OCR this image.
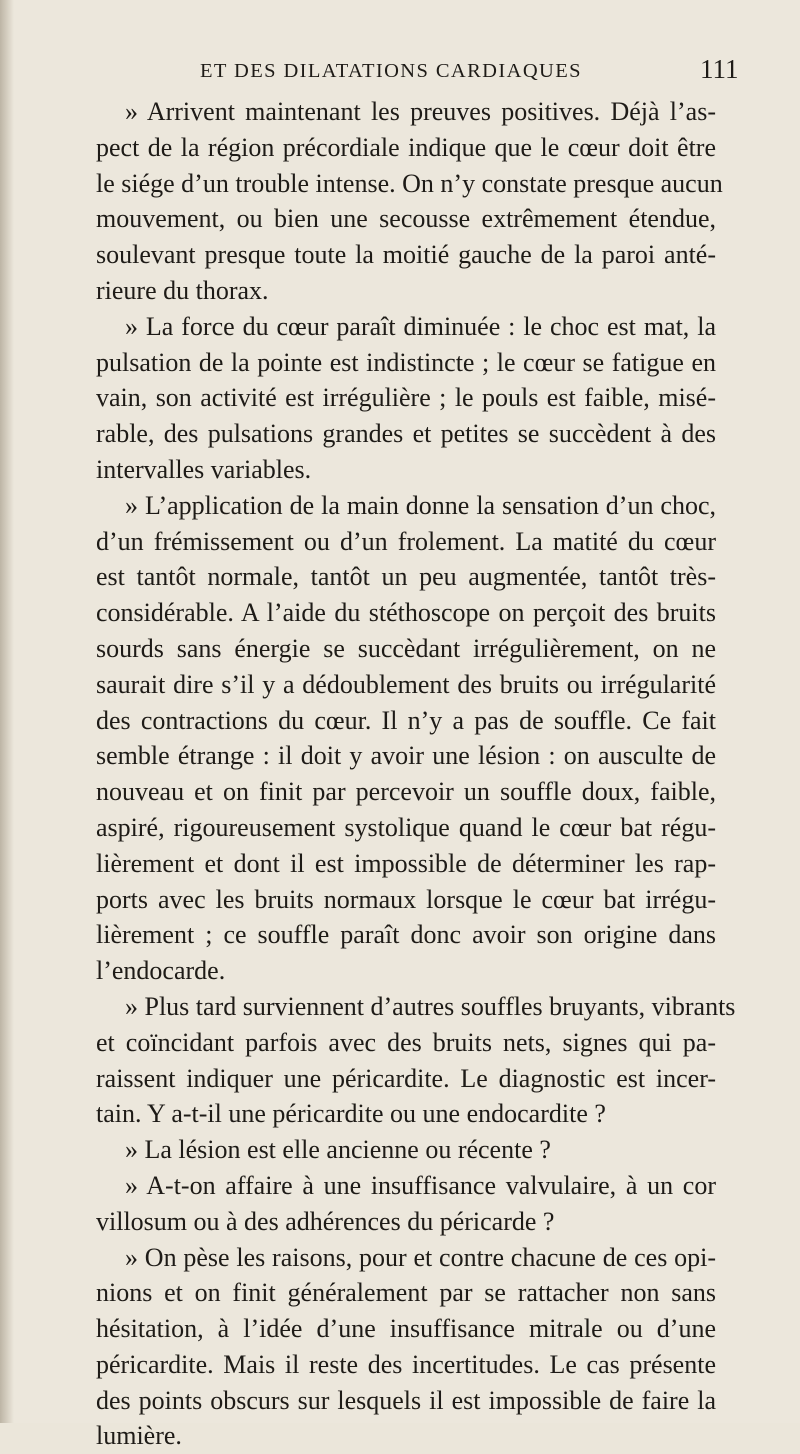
ET DES DILATATIONS CARDIAQUES	111
» Arrivent maintenant les preuves positives. Déjà l’as-
pect de la région précordiale indique que le cœur doit être
le siége d’un trouble intense. On n’y constate presque aucun
mouvement, ou bien une secousse extrêmement étendue,
soulevant presque toute la moitié gauche de la paroi anté-
rieure du thorax.
» La force du cœur paraît diminuée : le choc est mat, la
pulsation de la pointe est indistincte ; le cœur se fatigue en
vain, son activité est irrégulière ; le pouls est faible, misé-
rable, des pulsations grandes et petites se succèdent à des
intervalles variables.
» L’application de la main donne la sensation d’un choc,
d’un frémissement ou d’un frolement. La matité du cœur
est tantôt normale, tantôt un peu augmentée, tantôt très-
considérable. A l’aide du stéthoscope on perçoit des bruits
sourds sans énergie se succèdant irrégulièrement, on ne
saurait dire s’il y a dédoublement des bruits ou irrégularité
des contractions du cœur. Il n’y a pas de souffle. Ce fait
semble étrange : il doit y avoir une lésion : on ausculte de
nouveau et on finit par percevoir un souffle doux, faible,
aspiré, rigoureusement systolique quand le cœur bat régu-
lièrement et dont il est impossible de déterminer les rap-
ports avec les bruits normaux lorsque le cœur bat irrégu-
lièrement ; ce souffle paraît donc avoir son origine dans
l’endocarde.
» Plus tard surviennent d’autres souffles bruyants, vibrants
et coïncidant parfois avec des bruits nets, signes qui pa-
raissent indiquer une péricardite. Le diagnostic est incer-
tain. Y a-t-il une péricardite ou une endocardite ?
» La lésion est elle ancienne ou récente ?
» A-t-on affaire à une insuffisance valvulaire, à un cor
villosum ou à des adhérences du péricarde ?
» On pèse les raisons, pour et contre chacune de ces opi-
nions et on finit généralement par se rattacher non sans
hésitation, à l’idée d’une insuffisance mitrale ou d’une
péricardite. Mais il reste des incertitudes. Le cas présente
des points obscurs sur lesquels il est impossible de faire la
lumière.
